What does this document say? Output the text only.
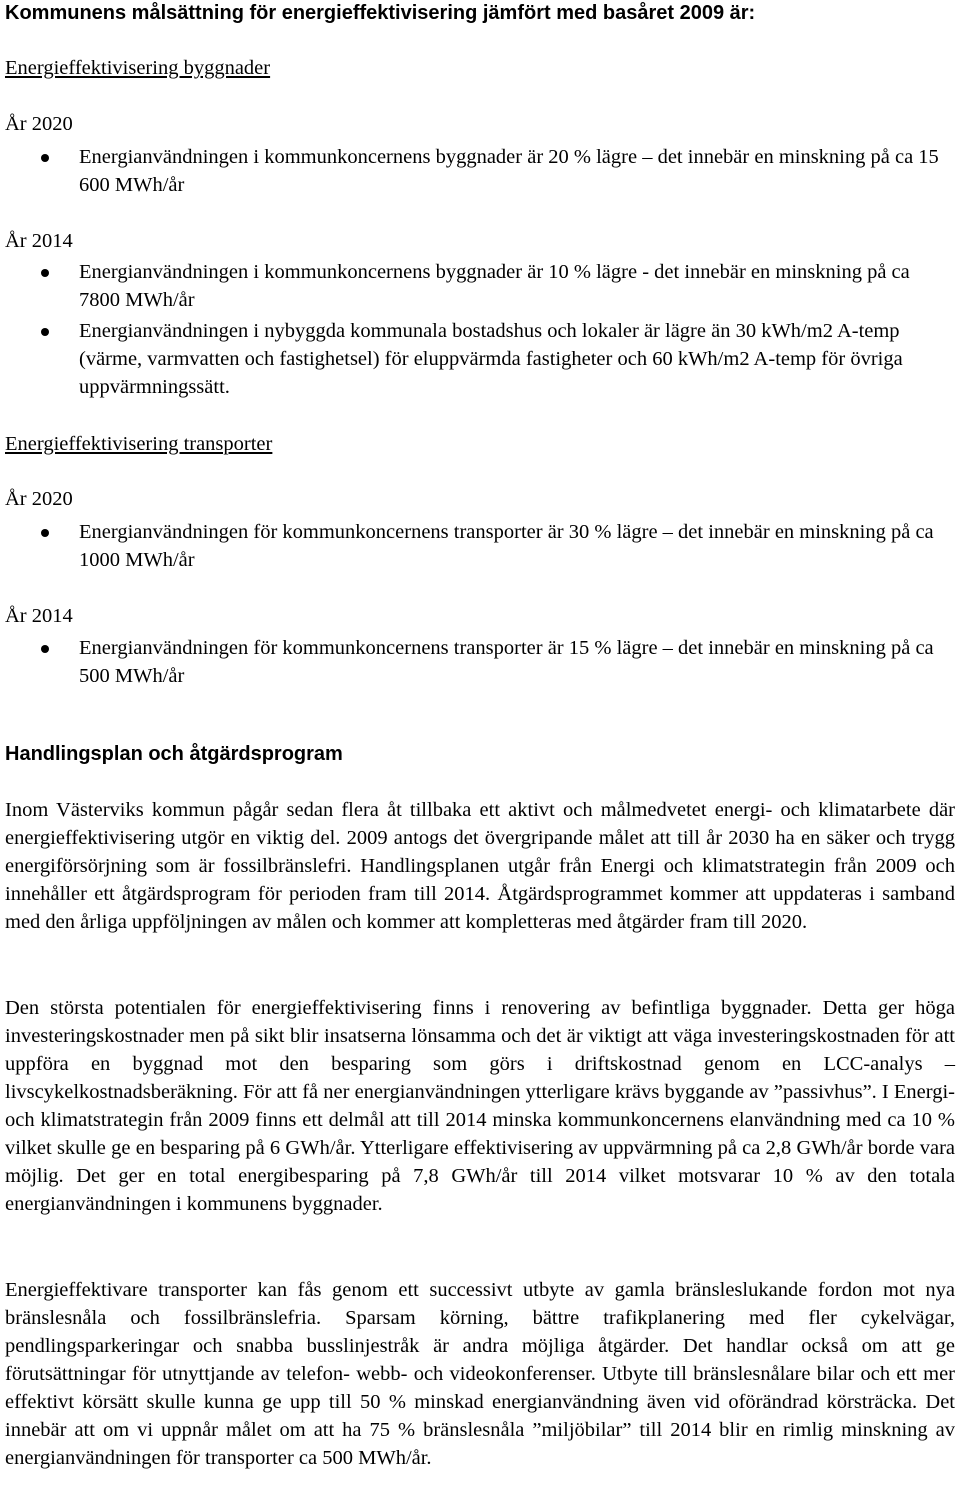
Kommunens målsättning för energieffektivisering jämfört med basåret 2009 är:
Energieffektivisering byggnader
År 2020
Energianvändningen i kommunkoncernens byggnader är 20 % lägre – det innebär en minskning på ca 15 600 MWh/år
År 2014
Energianvändningen i kommunkoncernens byggnader är 10 % lägre - det innebär en minskning på ca 7800 MWh/år
Energianvändningen i nybyggda kommunala bostadshus och lokaler är lägre än 30 kWh/m2 A-temp (värme, varmvatten och fastighetsel) för eluppvärmda fastigheter och 60 kWh/m2 A-temp för övriga uppvärmningssätt.
Energieffektivisering transporter
År 2020
Energianvändningen för kommunkoncernens transporter är 30 % lägre – det innebär en minskning på ca 1000 MWh/år
År 2014
Energianvändningen för kommunkoncernens transporter är 15 % lägre – det innebär en minskning på ca 500 MWh/år
Handlingsplan och åtgärdsprogram

Inom Västerviks kommun pågår sedan flera åt tillbaka ett aktivt och målmedvetet energi- och klimatarbete där energieffektivisering utgör en viktig del. 2009 antogs det övergripande målet att till år 2030 ha en säker och trygg energiförsörjning som är fossilbränslefri. Handlingsplanen utgår från Energi och klimatstrategin från 2009 och innehåller ett åtgärdsprogram för perioden fram till 2014. Åtgärdsprogrammet kommer att uppdateras i samband med den årliga uppföljningen av målen och kommer att kompletteras med åtgärder fram till 2020.

Den största potentialen för energieffektivisering finns i renovering av befintliga byggnader. Detta ger höga investeringskostnader men på sikt blir insatserna lönsamma och det är viktigt att väga investeringskostnaden för att uppföra en byggnad mot den besparing som görs i driftskostnad genom en LCC-analys – livscykelkostnadsberäkning. För att få ner energianvändningen ytterligare krävs byggande av ”passivhus”. I Energi- och klimatstrategin från 2009 finns ett delmål att till 2014 minska kommunkoncernens elanvändning med ca 10 % vilket skulle ge en besparing på 6 GWh/år. Ytterligare effektivisering av uppvärmning på ca 2,8 GWh/år borde vara möjlig. Det ger en total energibesparing på 7,8 GWh/år till 2014 vilket motsvarar 10 % av den totala energianvändningen i kommunens byggnader.

Energieffektivare transporter kan fås genom ett successivt utbyte av gamla bränsleslukande fordon mot nya bränslesnåla och fossilbränslefria. Sparsam körning, bättre trafikplanering med fler cykelvägar, pendlingsparkeringar och snabba busslinjestråk är andra möjliga åtgärder. Det handlar också om att ge förutsättningar för utnyttjande av telefon- webb- och videokonferenser. Utbyte till bränslesnålare bilar och ett mer effektivt körsätt skulle kunna ge upp till 50 % minskad energianvändning även vid oförändrad körsträcka. Det innebär att om vi uppnår målet om att ha 75 % bränslesnåla ”miljöbilar” till 2014 blir en rimlig minskning av energianvändningen för transporter ca 500 MWh/år.
